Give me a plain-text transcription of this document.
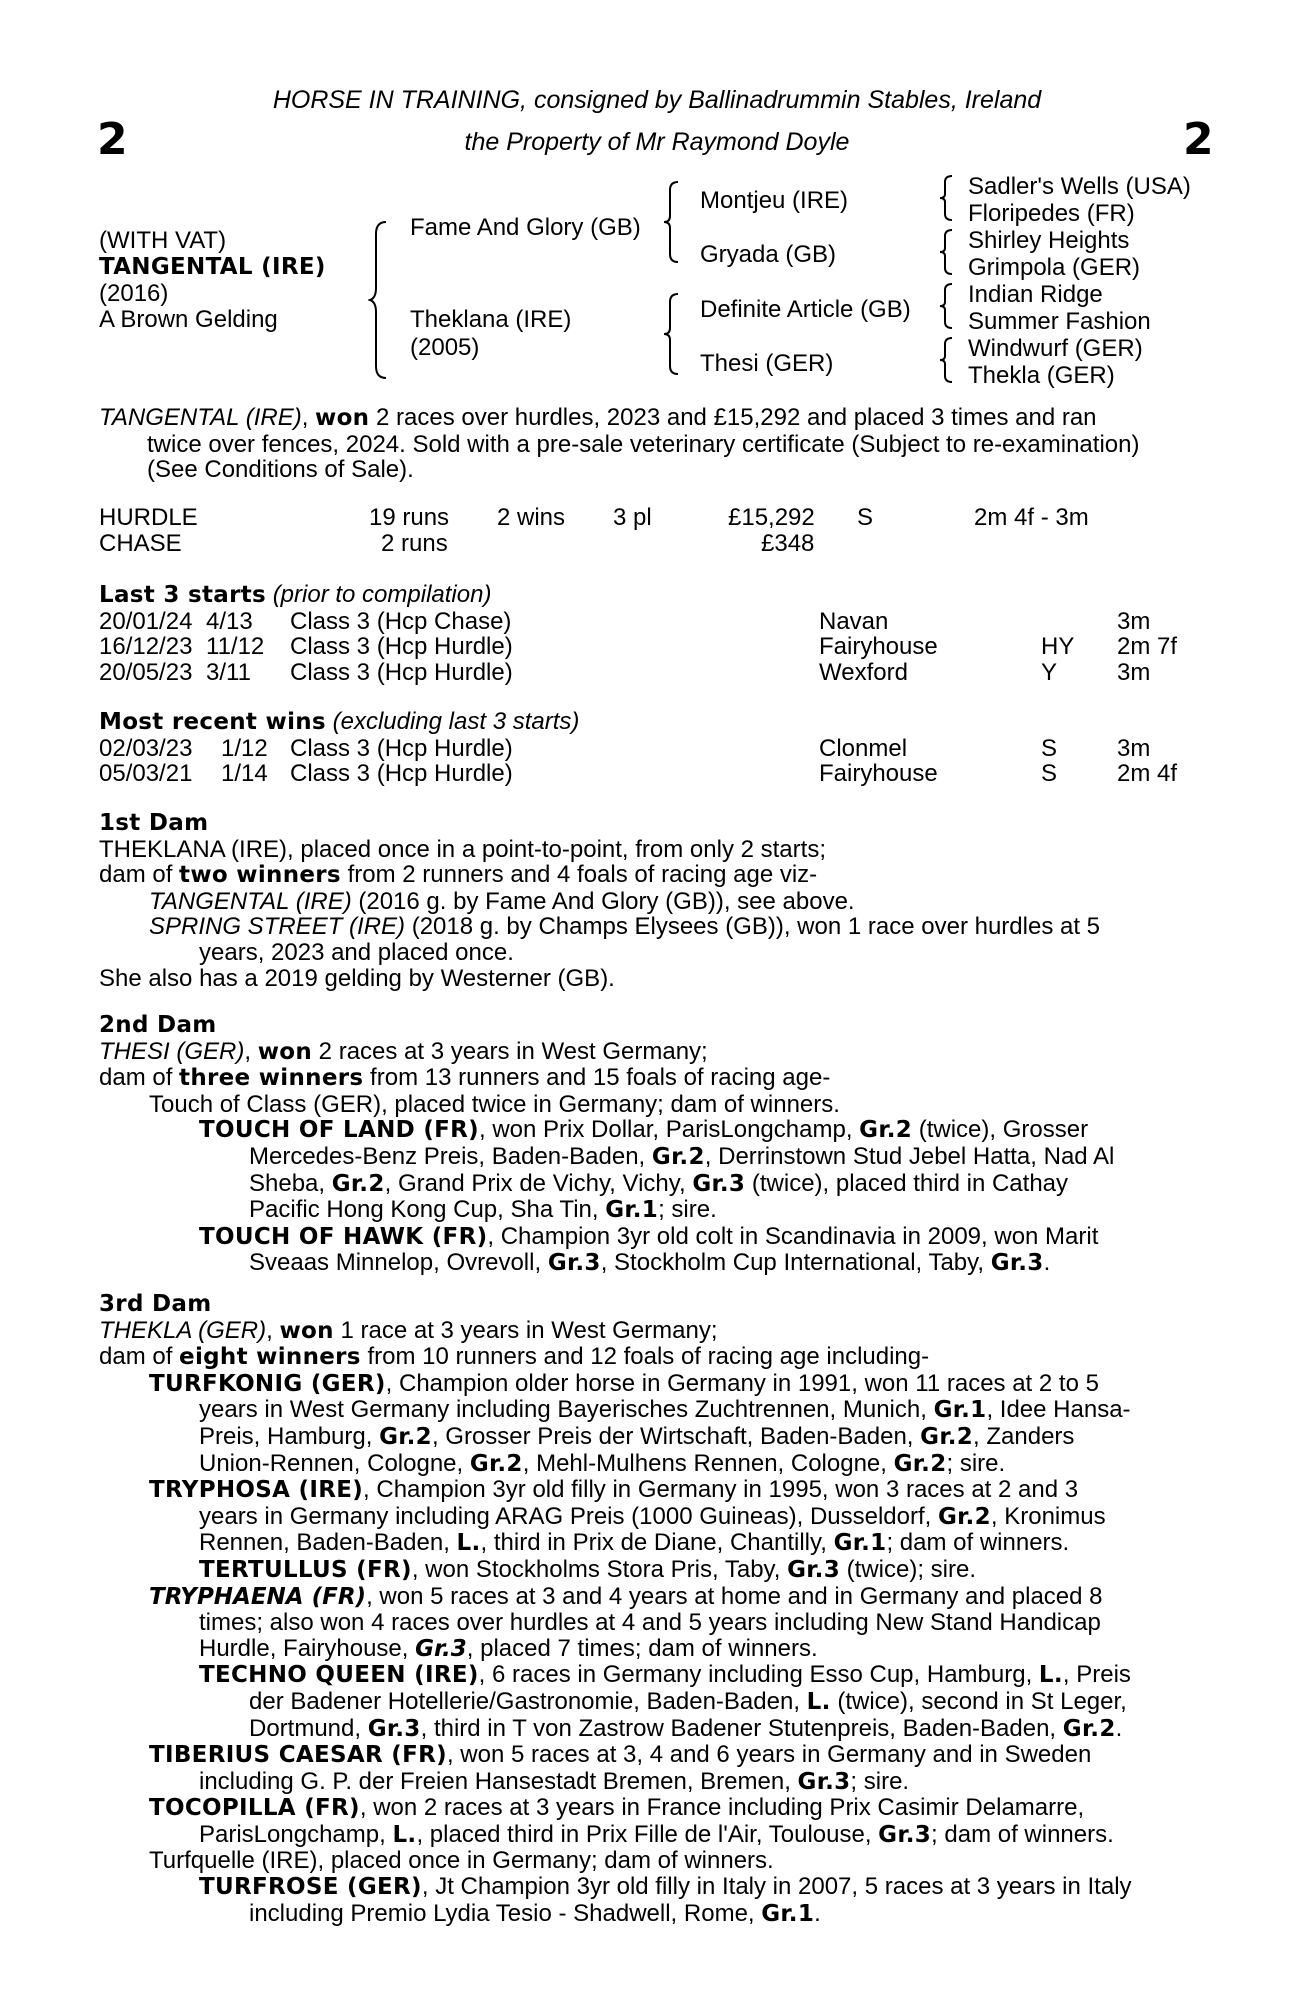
2	2
HORSE IN TRAINING, consigned by Ballinadrummin Stables, Ireland
the Property of Mr Raymond Doyle
(WITH VAT)
TANGENTAL (IRE)
(2016)
A Brown Gelding
Fame And Glory (GB)
Theklana (IRE)
(2005)
Montjeu (IRE)
Gryada (GB)
Definite Article (GB)
Thesi (GER)
Sadler's Wells (USA)
Floripedes (FR)
Shirley Heights
Grimpola (GER)
Indian Ridge
Summer Fashion
Windwurf (GER)
Thekla (GER)
TANGENTAL (IRE), won 2 races over hurdles, 2023 and £15,292 and placed 3 times and ran
twice over fences, 2024. Sold with a pre-sale veterinary certificate (Subject to re-examination)
(See Conditions of Sale).
HURDLE	19 runs 2 wins 3 pl	£15,292 S	2m 4f - 3m
CHASE	2 runs	£348
Last 3 starts (prior to compilation)
20/01/24 4/13 Class 3 (Hcp Chase)	Navan	3m
16/12/23 11/12 Class 3 (Hcp Hurdle)	Fairyhouse	HY 2m 7f
20/05/23 3/11 Class 3 (Hcp Hurdle)	Wexford	Y 3m
Most recent wins (excluding last 3 starts)
02/03/23 1/12 Class 3 (Hcp Hurdle)	Clonmel	S 3m
05/03/21 1/14 Class 3 (Hcp Hurdle)	Fairyhouse	S 2m 4f
1st Dam
THEKLANA (IRE), placed once in a point-to-point, from only 2 starts;
dam of two winners from 2 runners and 4 foals of racing age viz-
TANGENTAL (IRE) (2016 g. by Fame And Glory (GB)), see above.
SPRING STREET (IRE) (2018 g. by Champs Elysees (GB)), won 1 race over hurdles at 5
years, 2023 and placed once.
She also has a 2019 gelding by Westerner (GB).
2nd Dam
THESI (GER), won 2 races at 3 years in West Germany;
dam of three winners from 13 runners and 15 foals of racing age-
Touch of Class (GER), placed twice in Germany; dam of winners.
TOUCH OF LAND (FR), won Prix Dollar, ParisLongchamp, Gr.2 (twice), Grosser
Mercedes-Benz Preis, Baden-Baden, Gr.2, Derrinstown Stud Jebel Hatta, Nad Al
Sheba, Gr.2, Grand Prix de Vichy, Vichy, Gr.3 (twice), placed third in Cathay
Pacific Hong Kong Cup, Sha Tin, Gr.1; sire.
TOUCH OF HAWK (FR), Champion 3yr old colt in Scandinavia in 2009, won Marit
Sveaas Minnelop, Ovrevoll, Gr.3, Stockholm Cup International, Taby, Gr.3.
3rd Dam
THEKLA (GER), won 1 race at 3 years in West Germany;
dam of eight winners from 10 runners and 12 foals of racing age including-
TURFKONIG (GER), Champion older horse in Germany in 1991, won 11 races at 2 to 5
years in West Germany including Bayerisches Zuchtrennen, Munich, Gr.1, Idee Hansa-
Preis, Hamburg, Gr.2, Grosser Preis der Wirtschaft, Baden-Baden, Gr.2, Zanders
Union-Rennen, Cologne, Gr.2, Mehl-Mulhens Rennen, Cologne, Gr.2; sire.
TRYPHOSA (IRE), Champion 3yr old filly in Germany in 1995, won 3 races at 2 and 3
years in Germany including ARAG Preis (1000 Guineas), Dusseldorf, Gr.2, Kronimus
Rennen, Baden-Baden, L., third in Prix de Diane, Chantilly, Gr.1; dam of winners.
TERTULLUS (FR), won Stockholms Stora Pris, Taby, Gr.3 (twice); sire.
TRYPHAENA (FR), won 5 races at 3 and 4 years at home and in Germany and placed 8
times; also won 4 races over hurdles at 4 and 5 years including New Stand Handicap
Hurdle, Fairyhouse, Gr.3, placed 7 times; dam of winners.
TECHNO QUEEN (IRE), 6 races in Germany including Esso Cup, Hamburg, L., Preis
der Badener Hotellerie/Gastronomie, Baden-Baden, L. (twice), second in St Leger,
Dortmund, Gr.3, third in T von Zastrow Badener Stutenpreis, Baden-Baden, Gr.2.
TIBERIUS CAESAR (FR), won 5 races at 3, 4 and 6 years in Germany and in Sweden
including G. P. der Freien Hansestadt Bremen, Bremen, Gr.3; sire.
TOCOPILLA (FR), won 2 races at 3 years in France including Prix Casimir Delamarre,
ParisLongchamp, L., placed third in Prix Fille de l'Air, Toulouse, Gr.3; dam of winners.
Turfquelle (IRE), placed once in Germany; dam of winners.
TURFROSE (GER), Jt Champion 3yr old filly in Italy in 2007, 5 races at 3 years in Italy
including Premio Lydia Tesio - Shadwell, Rome, Gr.1.
